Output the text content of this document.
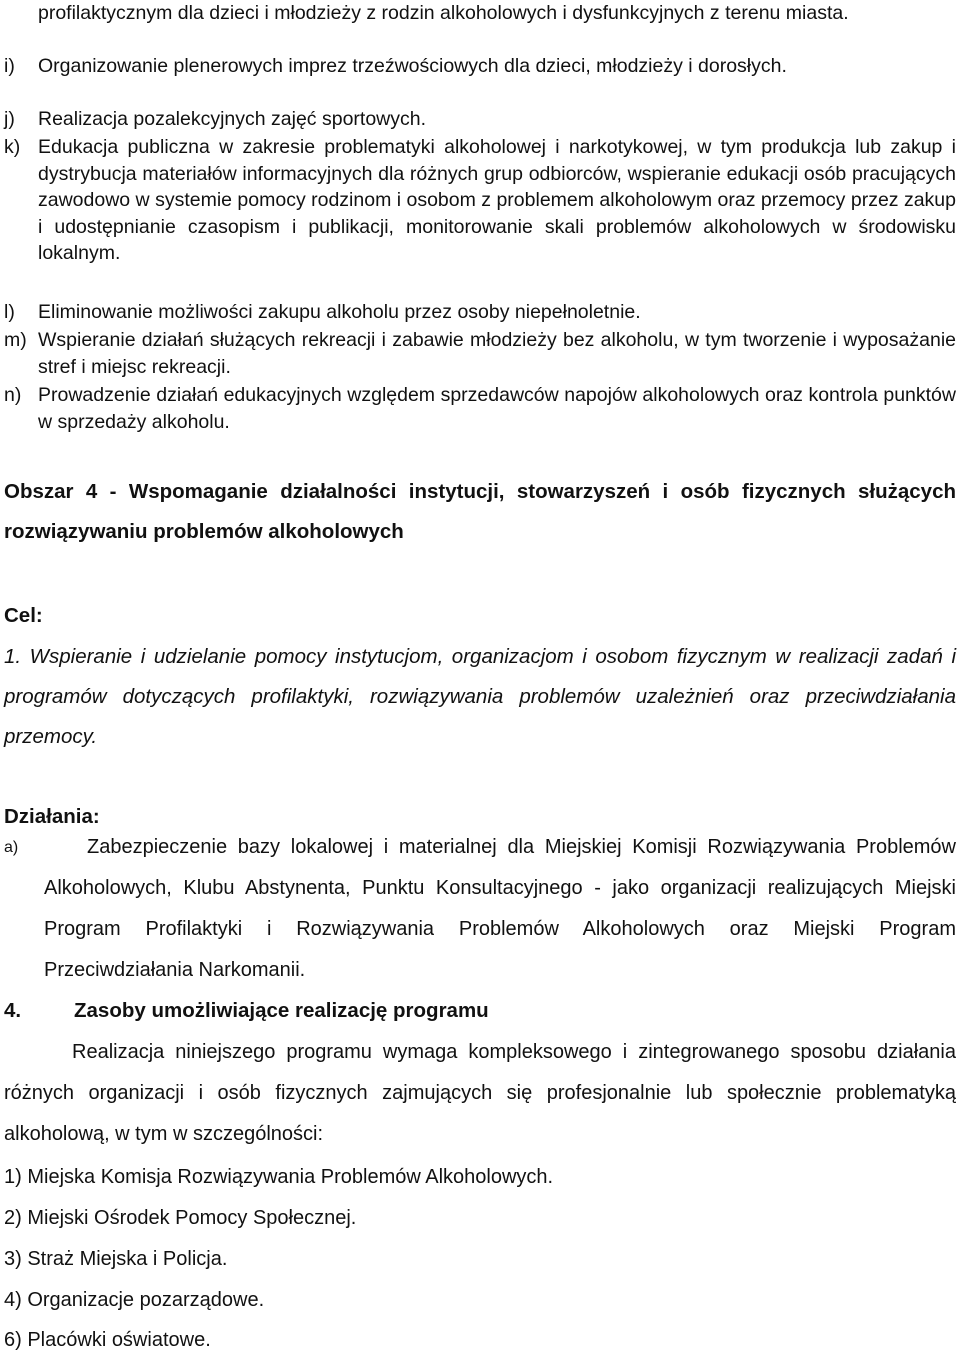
profilaktycznym dla dzieci i młodzieży z rodzin alkoholowych i dysfunkcyjnych z terenu miasta.
i) Organizowanie plenerowych imprez trzeźwościowych dla dzieci, młodzieży i dorosłych.
j) Realizacja pozalekcyjnych zajęć sportowych.
k) Edukacja publiczna w zakresie problematyki alkoholowej i narkotykowej, w tym produkcja lub zakup i dystrybucja materiałów informacyjnych dla różnych grup odbiorców, wspieranie edukacji osób pracujących zawodowo w systemie pomocy rodzinom i osobom z problemem alkoholowym oraz przemocy przez zakup i udostępnianie czasopism i publikacji, monitorowanie skali problemów alkoholowych w środowisku lokalnym.
l) Eliminowanie możliwości zakupu alkoholu przez osoby niepełnoletnie.
m) Wspieranie działań służących rekreacji i zabawie młodzieży bez alkoholu, w tym tworzenie i wyposażanie stref i miejsc rekreacji.
n) Prowadzenie działań edukacyjnych względem sprzedawców napojów alkoholowych oraz kontrola punktów w sprzedaży alkoholu.
Obszar 4 - Wspomaganie działalności instytucji, stowarzyszeń i osób fizycznych służących rozwiązywaniu problemów alkoholowych
Cel:
1. Wspieranie i udzielanie pomocy instytucjom, organizacjom i osobom fizycznym w realizacji zadań i programów dotyczących profilaktyki, rozwiązywania problemów uzależnień oraz przeciwdziałania przemocy.
Działania:
a)	Zabezpieczenie bazy lokalowej i materialnej dla Miejskiej Komisji Rozwiązywania Problemów Alkoholowych, Klubu Abstynenta, Punktu Konsultacyjnego - jako organizacji realizujących Miejski Program Profilaktyki i Rozwiązywania Problemów Alkoholowych oraz Miejski Program Przeciwdziałania Narkomanii.
4.	Zasoby umożliwiające realizację programu
Realizacja niniejszego programu wymaga kompleksowego i zintegrowanego sposobu działania różnych organizacji i osób fizycznych zajmujących się profesjonalnie lub społecznie problematyką alkoholową, w tym w szczególności:
1) Miejska Komisja Rozwiązywania Problemów Alkoholowych.
2) Miejski Ośrodek Pomocy Społecznej.
3) Straż Miejska i Policja.
4) Organizacje pozarządowe.
6) Placówki oświatowe.
